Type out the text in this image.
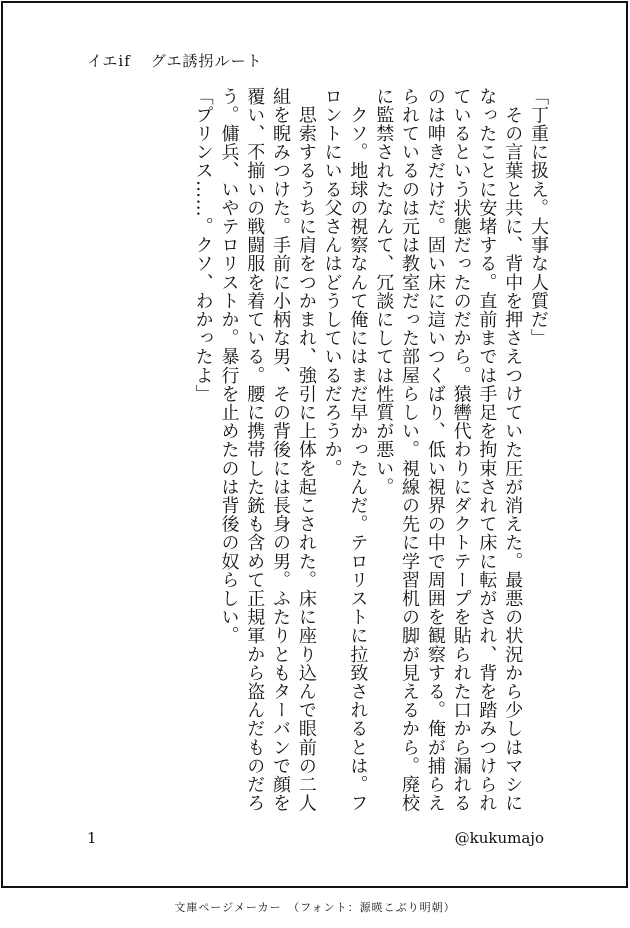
イエif グエ誘拐ルート

「丁重に扱え。大事な人質だ」

　その言葉と共に、背中を押さえつけていた圧が消えた。最悪の状況から少しはマシになったことに安堵する。直前までは手足を拘束されて床に転がされ、背を踏みつけられているという状態だったのだから。猿轡代わりにダクトテープを貼られた口から漏れるのは呻きだけだ。固い床に這いつくばり、低い視界の中で周囲を観察する。俺が捕らえられているのは元は教室だった部屋らしい。視線の先に学習机の脚が見えるから。廃校に監禁されたなんて、冗談にしては性質が悪い。

　クソ。地球の視察なんて俺にはまだ早かったんだ。テロリストに拉致されるとは。フロントにいる父さんはどうしているだろうか。

　思索するうちに肩をつかまれ、強引に上体を起こされた。床に座り込んで眼前の二人組を睨みつけた。手前に小柄な男、その背後には長身の男。ふたりともターバンで顔を覆い、不揃いの戦闘服を着ている。腰に携帯した銃も含めて正規軍から盗んだものだろう。傭兵、いやテロリストか。暴行を止めたのは背後の奴らしい。

「プリンス……。クソ、わかったよ」

1	@kukumajo
文庫ページメーカー　（フォント：源暎こぶり明朝）
